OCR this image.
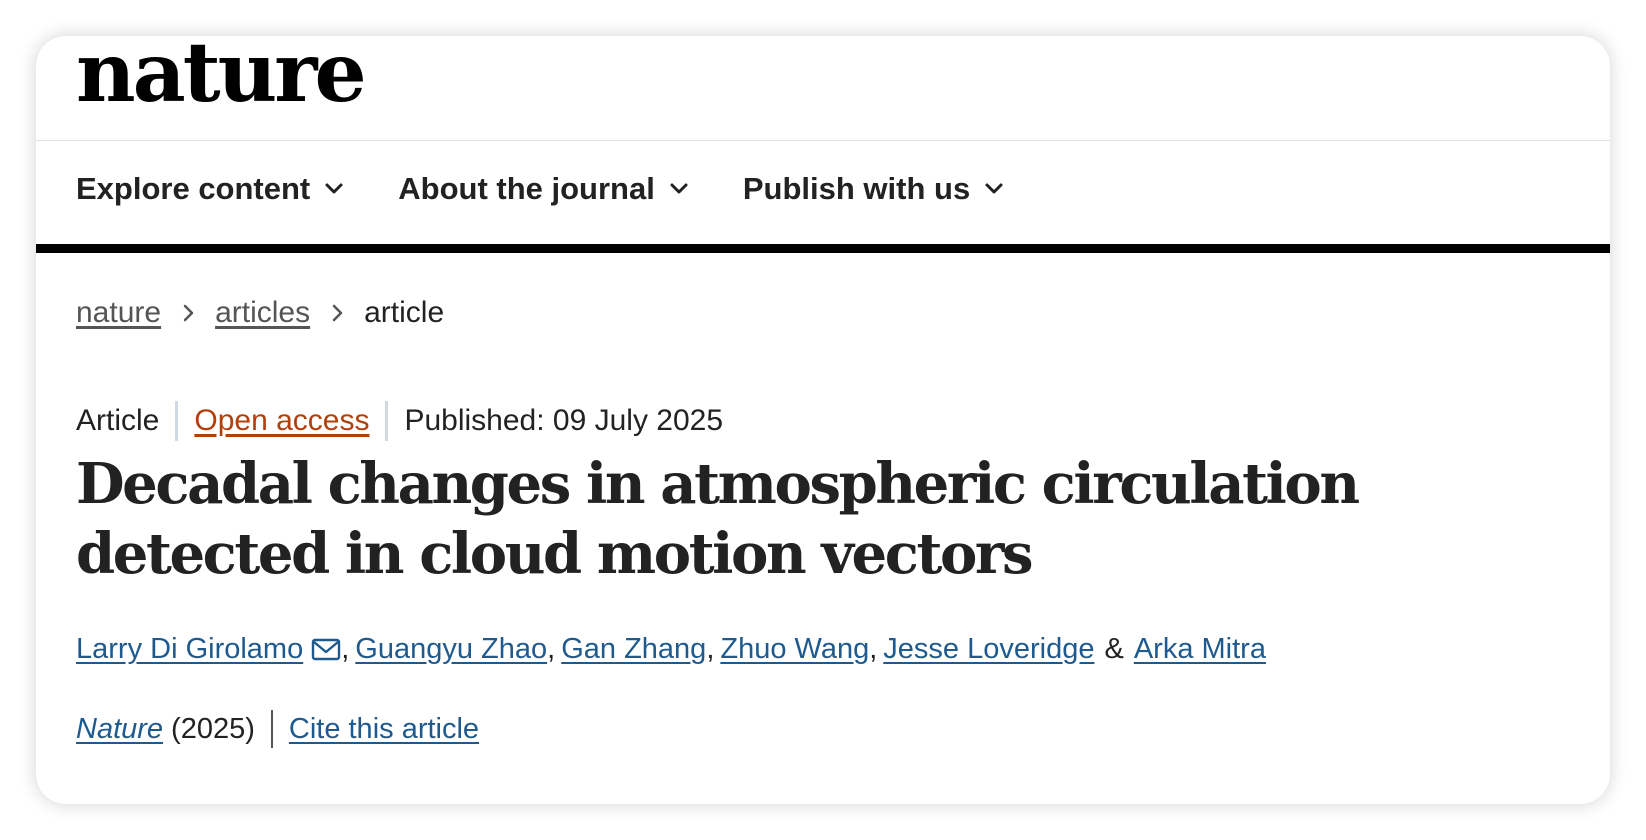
nature
Explore content	About the journal	Publish with us
nature articles article
Article Open access Published: 09 July 2025
Decadal changes in atmospheric circulation detected in cloud motion vectors
Larry Di Girolamo , Guangyu Zhao , Gan Zhang , Zhuo Wang , Jesse Loveridge & Arka Mitra
Nature (2025) Cite this article
